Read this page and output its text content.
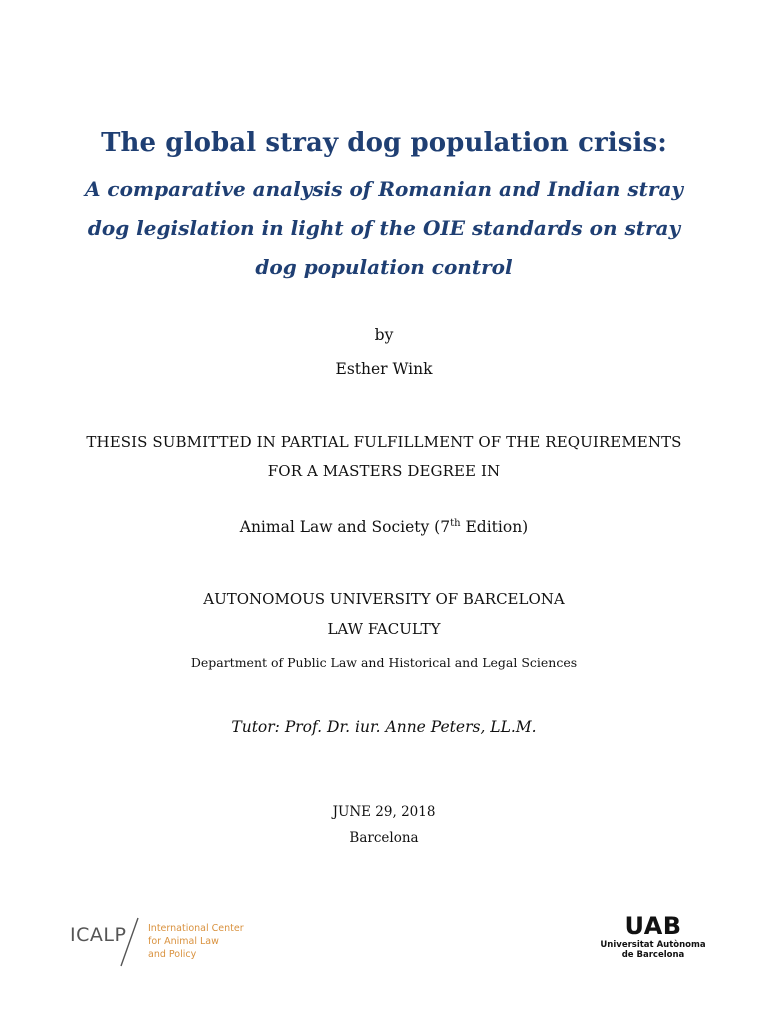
The global stray dog population crisis:
A comparative analysis of Romanian and Indian stray
dog legislation in light of the OIE standards on stray
dog population control
by
Esther Wink
THESIS SUBMITTED IN PARTIAL FULFILLMENT OF THE REQUIREMENTS
FOR A MASTERS DEGREE IN
Animal Law and Society (7th Edition)
AUTONOMOUS UNIVERSITY OF BARCELONA
LAW FACULTY
Department of Public Law and Historical and Legal Sciences
Tutor: Prof. Dr. iur. Anne Peters, LL.M.
JUNE 29, 2018
Barcelona
ICALP International Center
for Animal Law
and Policy
UAB
Universitat Autònoma
de Barcelona
